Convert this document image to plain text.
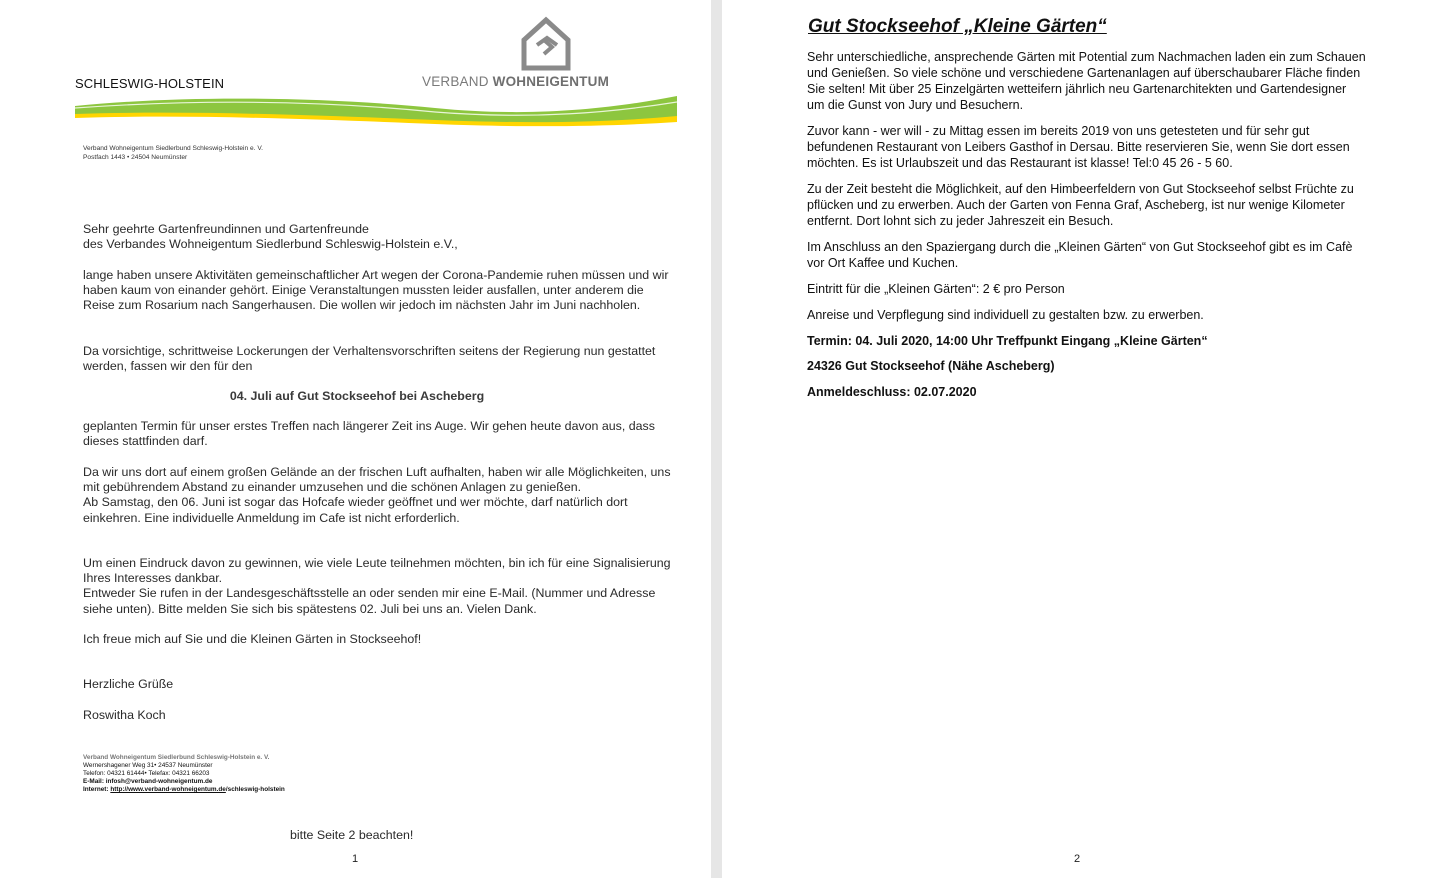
SCHLESWIG-HOLSTEIN	VERBAND WOHNEIGENTUM
Verband Wohneigentum Siedlerbund Schleswig-Holstein e. V.
Postfach 1443 • 24504 Neumünster

Sehr geehrte Gartenfreundinnen und Gartenfreunde

des Verbandes Wohneigentum Siedlerbund Schleswig-Holstein e.V.,

lange haben unsere Aktivitäten gemeinschaftlicher Art wegen der Corona-Pandemie ruhen müssen und wir haben kaum von einander gehört. Einige Veranstaltungen mussten leider ausfallen, unter anderem die Reise zum Rosarium nach Sangerhausen. Die wollen wir jedoch im nächsten Jahr im Juni nachholen.

Da vorsichtige, schrittweise Lockerungen der Verhaltensvorschriften seitens der Regierung nun gestattet werden, fassen wir den für den

04. Juli auf Gut Stockseehof bei Ascheberg

geplanten Termin für unser erstes Treffen nach längerer Zeit ins Auge. Wir gehen heute davon aus, dass dieses stattfinden darf.

Da wir uns dort auf einem großen Gelände an der frischen Luft aufhalten, haben wir alle Möglichkeiten, uns mit gebührendem Abstand zu einander umzusehen und die schönen Anlagen zu genießen.

Ab Samstag, den 06. Juni ist sogar das Hofcafe wieder geöffnet und wer möchte, darf natürlich dort einkehren. Eine individuelle Anmeldung im Cafe ist nicht erforderlich.

Um einen Eindruck davon zu gewinnen, wie viele Leute teilnehmen möchten, bin ich für eine Signalisierung Ihres Interesses dankbar.

Entweder Sie rufen in der Landesgeschäftsstelle an oder senden mir eine E-Mail. (Nummer und Adresse siehe unten). Bitte melden Sie sich bis spätestens 02. Juli bei uns an. Vielen Dank.

Ich freue mich auf Sie und die Kleinen Gärten in Stockseehof!

Herzliche Grüße
Roswitha Koch
Verband Wohneigentum Siedlerbund Schleswig-Holstein e. V.
Wernershagener Weg 31• 24537 Neumünster
Telefon: 04321 61444• Telefax: 04321 66203
E-Mail: infosh@verband-wohneigentum.de
Internet: http://www.verband-wohneigentum.de/schleswig-holstein
bitte Seite 2 beachten!
1
Gut Stockseehof „Kleine Gärten“
Sehr unterschiedliche, ansprechende Gärten mit Potential zum Nachmachen laden ein zum Schauen und Genießen. So viele schöne und verschiedene Gartenanlagen auf überschaubarer Fläche finden Sie selten! Mit über 25 Einzelgärten wetteifern jährlich neu Gartenarchitekten und Gartendesigner um die Gunst von Jury und Besuchern.
Zuvor kann - wer will - zu Mittag essen im bereits 2019 von uns getesteten und für sehr gut befundenen Restaurant von Leibers Gasthof in Dersau. Bitte reservieren Sie, wenn Sie dort essen möchten. Es ist Urlaubszeit und das Restaurant ist klasse! Tel:0 45 26 - 5 60.
Zu der Zeit besteht die Möglichkeit, auf den Himbeerfeldern von Gut Stockseehof selbst Früchte zu pflücken und zu erwerben. Auch der Garten von Fenna Graf, Ascheberg, ist nur wenige Kilometer entfernt. Dort lohnt sich zu jeder Jahreszeit ein Besuch.
Im Anschluss an den Spaziergang durch die „Kleinen Gärten“ von Gut Stockseehof gibt es im Cafè vor Ort Kaffee und Kuchen.
Eintritt für die „Kleinen Gärten“: 2 € pro Person
Anreise und Verpflegung sind individuell zu gestalten bzw. zu erwerben.
Termin: 04. Juli 2020, 14:00 Uhr Treffpunkt Eingang „Kleine Gärten“
24326 Gut Stockseehof (Nähe Ascheberg)
Anmeldeschluss: 02.07.2020
2
